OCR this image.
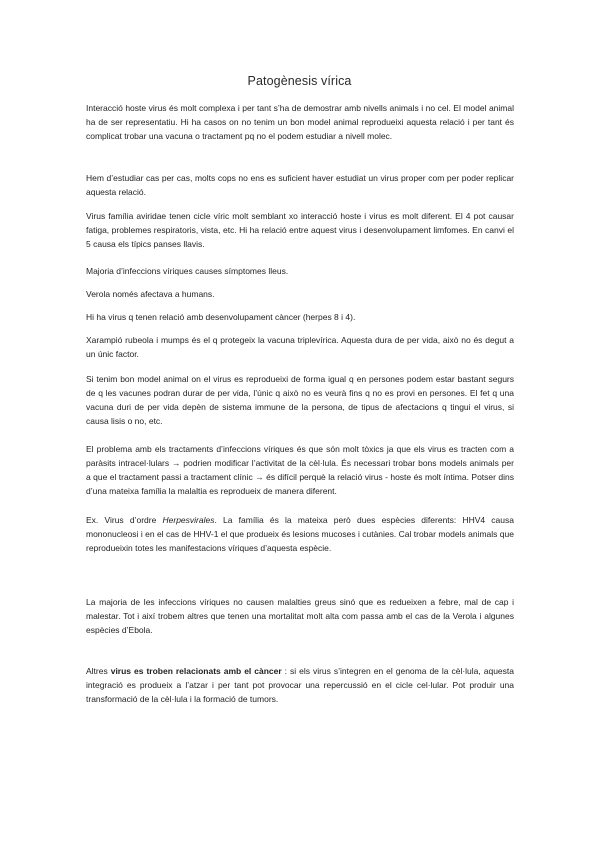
Patogènesis vírica

Interacció hoste virus és molt complexa i per tant s’ha de demostrar amb nivells animals i no cel. El model animal ha de ser representatiu. Hi ha casos on no tenim un bon model animal reprodueixi aquesta relació i per tant és complicat trobar una vacuna o tractament pq no el podem estudiar a nivell molec.

Hem d’estudiar cas per cas, molts cops no ens es suficient haver estudiat un virus proper com per poder replicar aquesta relació.

Virus família aviridae tenen cicle víric molt semblant xo interacció hoste i virus es molt diferent. El 4 pot causar fatiga, problemes respiratoris, vista, etc. Hi ha relació entre aquest virus i desenvolupament limfomes. En canvi el 5 causa els típics panses llavis.

Majoria d’infeccions víriques causes símptomes lleus.

Verola només afectava a humans.

Hi ha virus q tenen relació amb desenvolupament càncer (herpes 8 i 4).

Xarampió rubeola i mumps és el q protegeix la vacuna triplevírica. Aquesta dura de per vida, això no és degut a un únic factor.

Si tenim bon model animal on el virus es reprodueixi de forma igual q en persones podem estar bastant segurs de q les vacunes podran durar de per vida, l’únic q això no es veurà fins q no es provi en persones. El fet q una vacuna duri de per vida depèn de sistema immune de la persona, de tipus de afectacions q tingui el virus, si causa lisis o no, etc.

El problema amb els tractaments d’infeccions víriques és que són molt tòxics ja que els virus es tracten com a paràsits intracel·lulars → podrien modificar l’activitat de la cèl·lula. És necessari trobar bons models animals per a que el tractament passi a tractament clínic → és difícil perquè la relació virus - hoste és molt íntima. Potser dins d’una mateixa família la malaltia es reprodueix de manera diferent.

Ex. Virus d’ordre Herpesvirales. La família és la mateixa però dues espècies diferents: HHV4 causa mononucleosi i en el cas de HHV-1 el que produeix és lesions mucoses i cutànies. Cal trobar models animals que reprodueixin totes les manifestacions víriques d’aquesta espècie.

La majoria de les infeccions víriques no causen malalties greus sinó que es redueixen a febre, mal de cap i malestar. Tot i així trobem altres que tenen una mortalitat molt alta com passa amb el cas de la Verola i algunes espècies d’Ebola.

Altres virus es troben relacionats amb el càncer : si els virus s’integren en el genoma de la cèl·lula, aquesta integració es produeix a l’atzar i per tant pot provocar una repercussió en el cicle cel·lular. Pot produir una transformació de la cèl·lula i la formació de tumors.
